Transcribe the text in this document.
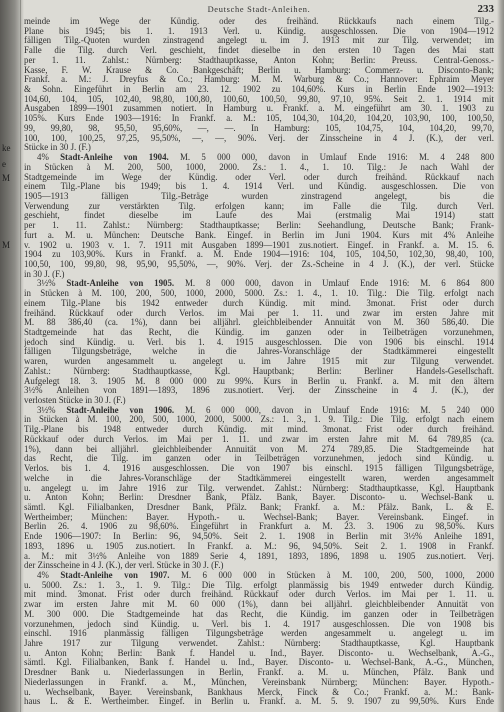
ke
e
M
M
Deutsche Stadt-Anleihen.	233
meinde im Wege der Kündig. oder des freihänd. Rückkaufs nach einem Tilg.-
Plane bis 1945; bis 1. 1. 1913 Verl. u. Kündig. ausgeschlossen. Die von 1904—1912
fälligen Tilg.-Quoten wurden zinstragend angelegt u. im J. 1913 mit zur Tilg. verwendet; im
Falle die Tilg. durch Verl. geschieht, findet dieselbe in den ersten 10 Tagen des Mai statt
per 1. 11. Zahlst.: Nürnberg: Stadthauptkasse, Anton Kohn; Berlin: Preuss. Central-Genoss.-
Kasse, F. W. Krause & Co. Bankgeschäft; Berlin u. Hamburg: Commerz- u. Disconto-Bank;
Frankf. a. M.: J. Dreyfus & Co.; Hamburg: M. M. Warburg & Co.; Hannover: Ephraim Meyer
& Sohn. Eingeführt in Berlin am 23. 12. 1902 zu 104,60%. Kurs in Berlin Ende 1902—1913:
104,60, 104, 105, 102,40, 98,80, 100,80, 100,60, 100,50, 99,80, 97,10, 95%. Seit 2. 1. 1914 mit
Ausgaben 1899—1901 zusammen notiert. In Hamburg u. Frankf. a. M. eingeführt am 30. 1. 1903 zu
105%. Kurs Ende 1903—1916: In Frankf. a. M.: 105, 104,30, 104,20, 104,20, 103,90, 100, 100,50,
99, 99,80, 98, 95,50, 95,60%, —, —. In Hamburg: 105, 104,75, 104, 104,20, 99,70,
100, 100, 100,25, 97,25, 95,50%, —, —, 90%. Verj. der Zinsscheine in 4 J. (K.), der verl.
Stücke in 30 J. (F.)
4% Stadt-Anleihe von 1904. M. 5 000 000, davon in Umlauf Ende 1916: M. 4 248 800
in Stücken à M. 200, 500, 1000, 2000. Zs.: 1. 4., 1. 10. Tilg.: Je nach Wahl der
Stadtgemeinde im Wege der Kündig. oder Verl. oder durch freihänd. Rückkauf nach
einem Tilg.-Plane bis 1949; bis 1. 4. 1914 Verl. und Kündig. ausgeschlossen. Die von
1905—1913 fälligen Tilg.-Beträge wurden zinstragend angelegt, bis die
Verwendung zur verstärkten Tilg. erfolgen kann; im Falle die Tilg. durch Verl.
geschieht, findet dieselbe im Laufe des Mai (erstmalig Mai 1914) statt
per 1. 11. Zahlst.: Nürnberg: Stadthauptkasse; Berlin: Seehandlung, Deutsche Bank; Frank-
furt a. M. u. München: Deutsche Bank. Eingef. in Berlin im Juni 1904. Kurs mit 4% Anleihe
v. 1902 u. 1903 v. 1. 7. 1911 mit Ausgaben 1899—1901 zus.notiert. Eingef. in Frankf. a. M. 15. 6.
1904 zu 103,90%. Kurs in Frankf. a. M. Ende 1904—1916: 104, 105, 104,50, 102,30, 98,40, 100,
100,50, 100, 99,80, 98, 95,90, 95,50%, —, 90%. Verj. der Zs.-Scheine in 4 J. (K.), der verl. Stücke
in 30 J. (F.)
3½% Stadt-Anleihe von 1905. M. 8 000 000, davon in Umlauf Ende 1916: M. 6 864 800
in Stücken à M. 100, 200, 500, 1000, 2000, 5000. Zs.: 1. 4., 1. 10. Tilg.: Die Tilg. erfolgt nach
einem Tilg.-Plane bis 1942 entweder durch Kündig. mit mind. 3monat. Frist oder durch
freihänd. Rückkauf oder durch Verlos. im Mai per 1. 11. und zwar im ersten Jahre mit
M. 88 386,40 (ca. 1%), dann bei alljährl. gleichbleibender Annuität von M. 360 586,40. Die
Stadtgemeinde hat das Recht, die Kündig. im ganzen oder in Teilbeträgen vorzunehmen,
jedoch sind Kündig. u. Verl. bis 1. 4. 1915 ausgeschlossen. Die von 1906 bis einschl. 1914
fälligen Tilgungsbeträge, welche in die Jahres-Voranschläge der Stadtkämmerei eingestellt
waren, wurden angesammelt u. angelegt u. im Jahre 1915 mit zur Tilgung verwendet.
Zahlst.: Nürnberg: Stadthauptkasse, Kgl. Hauptbank; Berlin: Berliner Handels-Gesellschaft.
Aufgelegt 18. 3. 1905 M. 8 000 000 zu 99%. Kurs in Berlin u. Frankf. a. M. mit den ältern
3½% Anleihen von 1891—1893, 1896 zus.notiert. Verj. der Zinsscheine in 4 J. (K.), der
verlosten Stücke in 30 J. (F.)
3½% Stadt-Anleihe von 1906. M. 6 000 000, davon in Umlauf Ende 1916: M. 5 240 000
in Stücken à M. 100, 200, 500, 1000, 2000, 5000. Zs.: 1. 3., 1. 9. Tilg.: Die Tilg. erfolgt nach einem
Tilg.-Plane bis 1948 entweder durch Kündig. mit mind. 3monat. Frist oder durch freihänd.
Rückkauf oder durch Verlos. im Mai per 1. 11. und zwar im ersten Jahre mit M. 64 789,85 (ca.
1%), dann bei alljährl. gleichbleibender Annuität von M. 274 789,85. Die Stadtgemeinde hat
das Recht, die Tilg. im ganzen oder in Teilbeträgen vorzunehmen, jedoch sind Kündig. u.
Verlos. bis 1. 4. 1916 ausgeschlossen. Die von 1907 bis einschl. 1915 fälligen Tilgungsbeträge,
welche in die Jahres-Voranschläge der Stadtkämmerei eingestellt waren, werden angesammelt
u. angelegt u. im Jahre 1916 zur Tilg. verwendet. Zahlst.: Nürnberg: Stadthauptkasse, Kgl. Hauptbank
u. Anton Kohn; Berlin: Dresdner Bank, Pfälz. Bank, Bayer. Disconto- u. Wechsel-Bank u.
sämtl. Kgl. Filialbanken, Dresdner Bank, Pfälz. Bank; Frankf. a. M.: Pfälz. Bank, L. & E.
Wertheimber; München: Bayer. Hypoth.- u. Wechsel-Bank; Bayer. Vereinsbank. Eingef. in
Berlin 26. 4. 1906 zu 98,60%. Eingeführt in Frankfurt a. M. 23. 3. 1906 zu 98,50%. Kurs
Ende 1906—1907: In Berlin: 96, 94,50%. Seit 2. 1. 1908 in Berlin mit 3½% Anleihe 1891,
1893, 1896 u. 1905 zus.notiert. In Frankf. a. M.: 96, 94,50%. Seit 2. 1. 1908 in Frankf.
a. M.: mit 3½% Anleihe von 1889 Serie 4, 1891, 1893, 1896, 1898 u. 1905 zus.notiert. Verj.
der Zinsscheine in 4 J. (K.), der verl. Stücke in 30 J. (F.)
4% Stadt-Anleihe von 1907. M. 6 000 000 in Stücken à M. 100, 200, 500, 1000, 2000
u. 5000. Zs.: 1. 3., 1. 9. Tilg.: Die Tilg. erfolgt planmässig bis 1949 entweder durch Kündig.
mit mind. 3monat. Frist oder durch freihänd. Rückkauf oder durch Verlos. im Mai per 1. 11. u.
zwar im ersten Jahre mit M. 60 000 (1%), dann bei alljährl. gleichbleibender Annuität von
M. 300 000. Die Stadtgemeinde hat das Recht, die Kündig. im ganzen oder in Teilbeträgen
vorzunehmen, jedoch sind Kündig. u. Verl. bis 1. 4. 1917 ausgeschlossen. Die von 1908 bis
einschl. 1916 planmässig fälligen Tilgungsbeträge werden angesammelt u. angelegt u. im
Jahre 1917 zur Tilgung verwendet. Zahlst.: Nürnberg: Stadthauptkasse, Kgl. Hauptbank
u. Anton Kohn; Berlin: Bank f. Handel u. Ind., Bayer. Disconto- u. Wechselbank, A.-G.,
sämtl. Kgl. Filialbanken, Bank f. Handel u. Ind., Bayer. Disconto- u. Wechsel-Bank, A.-G., München,
Dresdner Bank u. Niederlassungen in Berlin, Frankf. a. M. u. München, Pfälz. Bank und
Niederlassungen in Frankf. a. M., München, Vereinsbank Nürnberg; München: Bayer. Hypoth.-
u. Wechselbank, Bayer. Vereinsbank, Bankhaus Merck, Finck & Co.; Frankf. a. M.: Bank-
haus L. & E. Wertheimber. Eingef. in Berlin u. Frankf. a. M. 5. 9. 1907 zu 99,50%. Kurs Ende
